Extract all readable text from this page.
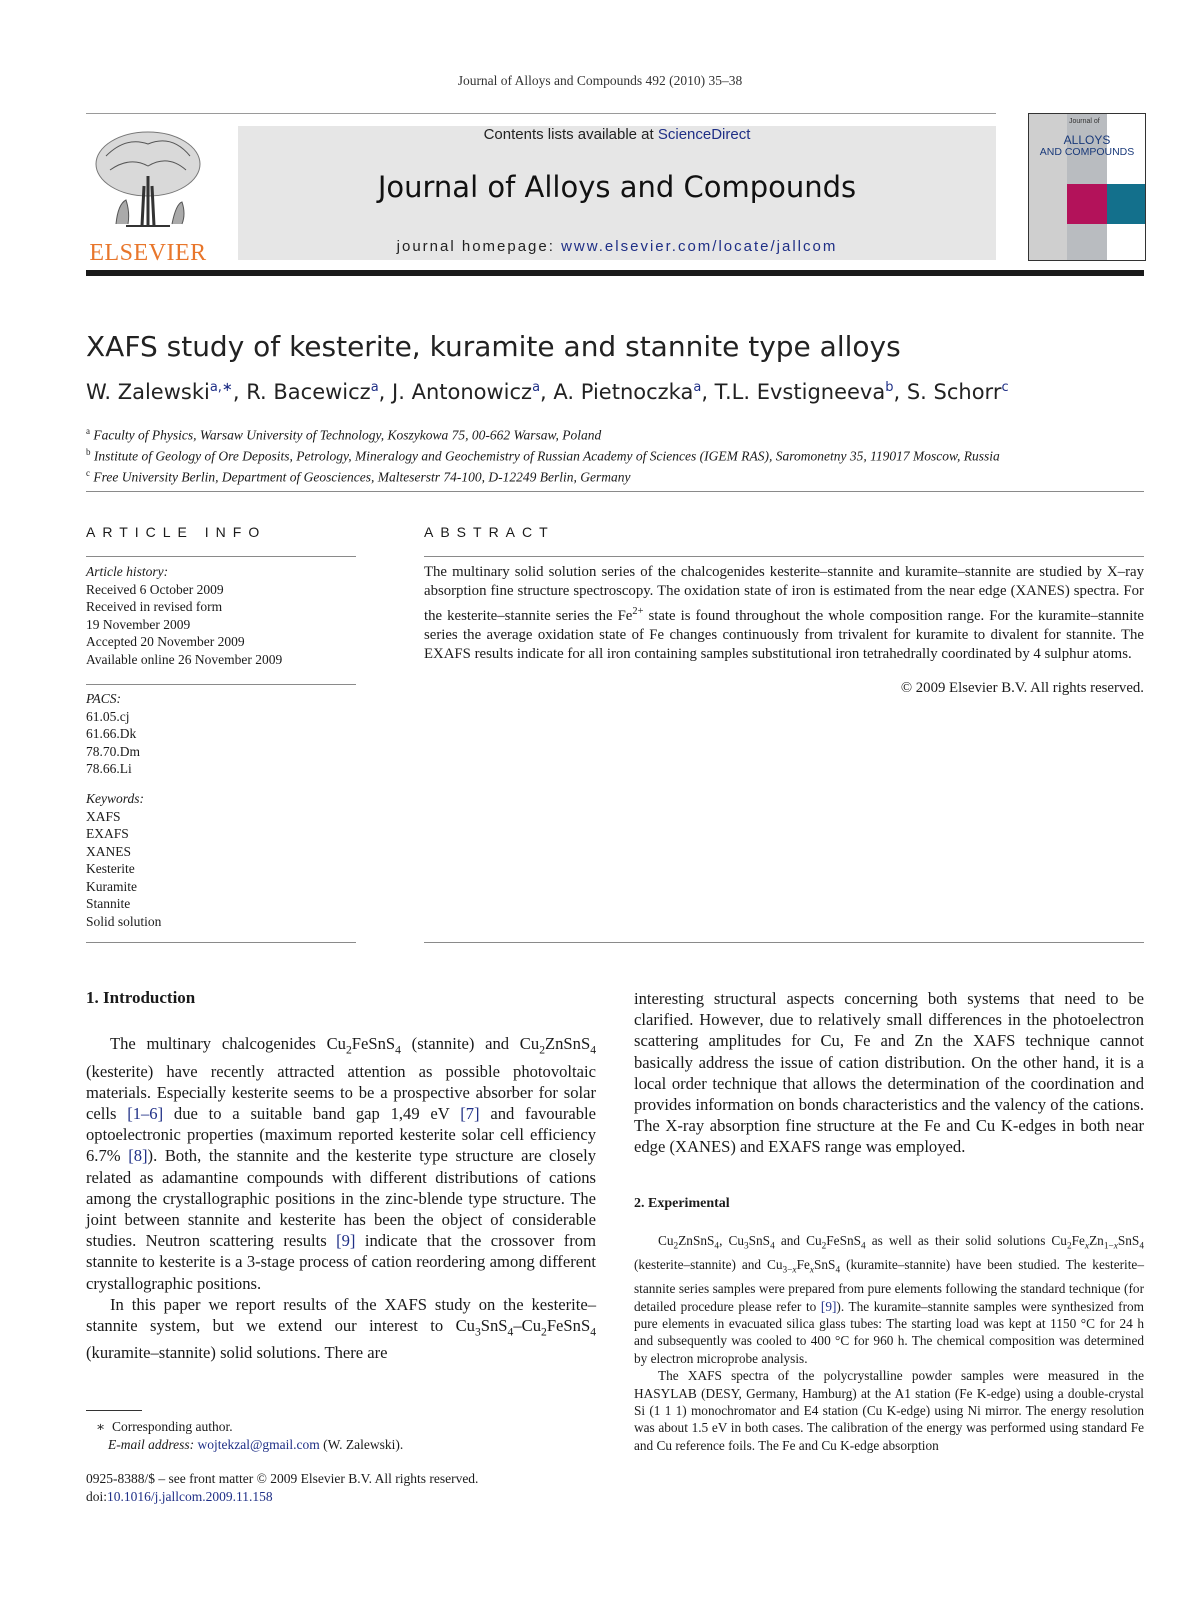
Journal of Alloys and Compounds 492 (2010) 35–38
ELSEVIER
Contents lists available at ScienceDirect
Journal of Alloys and Compounds
journal homepage: www.elsevier.com/locate/jallcom
Journal of
ALLOYS
AND COMPOUNDS
XAFS study of kesterite, kuramite and stannite type alloys
W. Zalewski$^{a,∗}$, R. Bacewicz$^a$, J. Antonowicz$^a$, A. Pietnoczka$^a$, T.L. Evstigneeva$^b$, S. Schorr$^c$
$^a$ Faculty of Physics, Warsaw University of Technology, Koszykowa 75, 00-662 Warsaw, Poland
$^b$ Institute of Geology of Ore Deposits, Petrology, Mineralogy and Geochemistry of Russian Academy of Sciences (IGEM RAS), Saromonetny 35, 119017 Moscow, Russia
$^c$ Free University Berlin, Department of Geosciences, Malteserstr 74-100, D-12249 Berlin, Germany
ARTICLE INFO	ABSTRACT
Article history:
Received 6 October 2009
Received in revised form
19 November 2009
Accepted 20 November 2009
Available online 26 November 2009
PACS:
61.05.cj
61.66.Dk
78.70.Dm
78.66.Li
Keywords:
XAFS
EXAFS
XANES
Kesterite
Kuramite
Stannite
Solid solution
The multinary solid solution series of the chalcogenides kesterite–stannite and kuramite–stannite are studied by X–ray absorption fine structure spectroscopy. The oxidation state of iron is estimated from the near edge (XANES) spectra. For the kesterite–stannite series the $Fe^{2+}$ state is found throughout the whole composition range. For the kuramite–stannite series the average oxidation state of Fe changes continuously from trivalent for kuramite to divalent for stannite. The EXAFS results indicate for all iron containing samples substitutional iron tetrahedrally coordinated by 4 sulphur atoms.
© 2009 Elsevier B.V. All rights reserved.
1. Introduction

The multinary chalcogenides $Cu_2FeSnS_4$ (stannite) and $Cu_2ZnSnS_4$ (kesterite) have recently attracted attention as possible photovoltaic materials. Especially kesterite seems to be a prospective absorber for solar cells [1–6] due to a suitable band gap 1,49 eV [7] and favourable optoelectronic properties (maximum reported kesterite solar cell efficiency 6.7% [8]). Both, the stannite and the kesterite type structure are closely related as adamantine compounds with different distributions of cations among the crystallographic positions in the zinc-blende type structure. The joint between stannite and kesterite has been the object of considerable studies. Neutron scattering results [9] indicate that the crossover from stannite to kesterite is a 3-stage process of cation reordering among different crystallographic positions.

In this paper we report results of the XAFS study on the kesterite–stannite system, but we extend our interest to $Cu_3SnS_4-Cu_2FeSnS_4$ (kuramite–stannite) solid solutions. There are

interesting structural aspects concerning both systems that need to be clarified. However, due to relatively small differences in the photoelectron scattering amplitudes for Cu, Fe and Zn the XAFS technique cannot basically address the issue of cation distribution. On the other hand, it is a local order technique that allows the determination of the coordination and provides information on bonds characteristics and the valency of the cations. The X-ray absorption fine structure at the Fe and Cu K-edges in both near edge (XANES) and EXAFS range was employed.

2. Experimental

$Cu_2ZnSnS_4$, $Cu_3SnS_4$ and $Cu_2FeSnS_4$ as well as their solid solutions $Cu_2Fe_xZn_{1-x}SnS_4$ (kesterite–stannite) and $Cu_{3-x}Fe_xSnS_4$ (kuramite–stannite) have been studied. The kesterite–stannite series samples were prepared from pure elements following the standard technique (for detailed procedure please refer to [9]). The kuramite–stannite samples were synthesized from pure elements in evacuated silica glass tubes: The starting load was kept at 1150 °C for 24 h and subsequently was cooled to 400 °C for 960 h. The chemical composition was determined by electron microprobe analysis.

The XAFS spectra of the polycrystalline powder samples were measured in the HASYLAB (DESY, Germany, Hamburg) at the A1 station (Fe K-edge) using a double-crystal Si (1 1 1) monochromator and E4 station (Cu K-edge) using Ni mirror. The energy resolution was about 1.5 eV in both cases. The calibration of the energy was performed using standard Fe and Cu reference foils. The Fe and Cu K-edge absorption

∗ Corresponding author.
E-mail address: wojtekzal@gmail.com (W. Zalewski).
0925-8388/$ – see front matter © 2009 Elsevier B.V. All rights reserved.
doi:10.1016/j.jallcom.2009.11.158
